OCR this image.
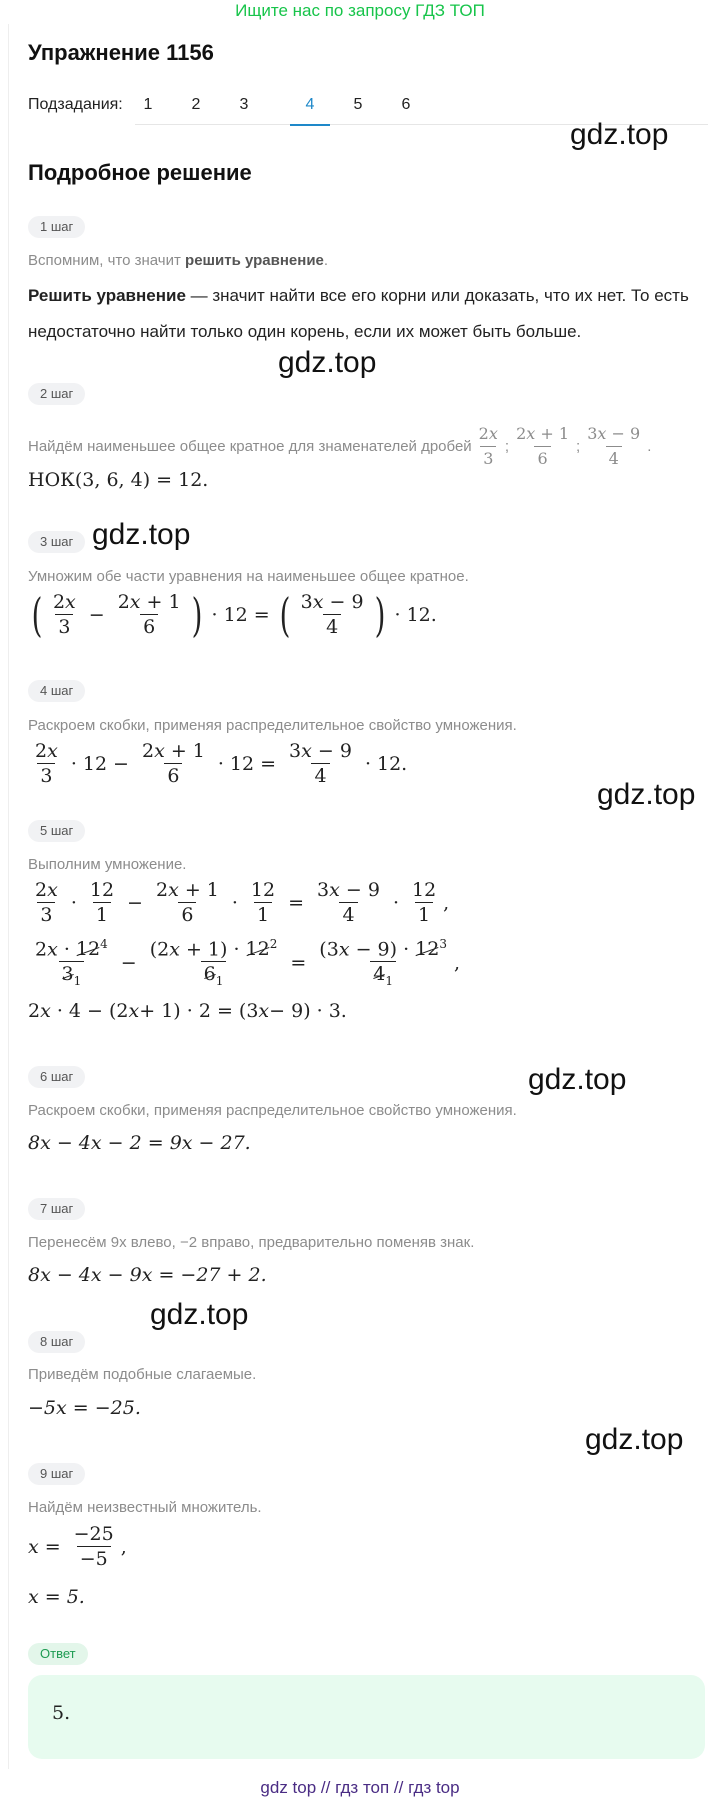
Ищите нас по запросу ГДЗ ТОП
Упражнение 1156
Подзадания:	1	2	3	4	5	6
Подробное решение
gdz.top
gdz.top
gdz.top
gdz.top
gdz.top
gdz.top
gdz.top
1 шаг
Вспомним, что значит решить уравнение.
Решить уравнение — значит найти все его корни или доказать, что их нет. То есть недостаточно найти только один корень, если их может быть больше.
2 шаг
Найдём наименьшее общее кратное для знаменателей дробей $\frac{2x}{3}$ ; $\frac{2x + 1}{6}$ ; $\frac{3x - 9}{4}$ .
НОК (3, 6, 4) = 12.
3 шаг
Умножим обе части уравнения на наименьшее общее кратное.
( $\frac{2x}{3} - \frac{2x + 1}{6}$ ) · 12 = ( $\frac{3x - 9}{4}$ ) · 12.
4 шаг
Раскроем скобки, применяя распределительное свойство умножения.
$\frac{2x}{3} \cdot 12 - \frac{2x + 1}{6} \cdot 12 = \frac{3x - 9}{4} \cdot 12$.
5 шаг
Выполним умножение.
$\frac{2x}{3} \cdot \frac{12}{1} - \frac{2x + 1}{6} \cdot \frac{12}{1} = \frac{3x - 9}{4} \cdot \frac{12}{1}$ ,
$\frac{2x \cdot 12^4}{3_1} - \frac{(2x + 1) \cdot 12^2}{6_1} = \frac{(3x - 9) \cdot 12^3}{4_1}$ ,
2 x · 4 − (2 x + 1) · 2 = (3 x − 9) · 3.
6 шаг
Раскроем скобки, применяя распределительное свойство умножения.
8x − 4x − 2 = 9x − 27.
7 шаг
Перенесём 9x влево, −2 вправо, предварительно поменяв знак.
8x − 4x − 9x = −27 + 2.
8 шаг
Приведём подобные слагаемые.
−5x = −25.
9 шаг
Найдём неизвестный множитель.
$x = \frac{-25}{-5}$ ,
x = 5.
Ответ
5.
gdz top // гдз топ // гдз top
